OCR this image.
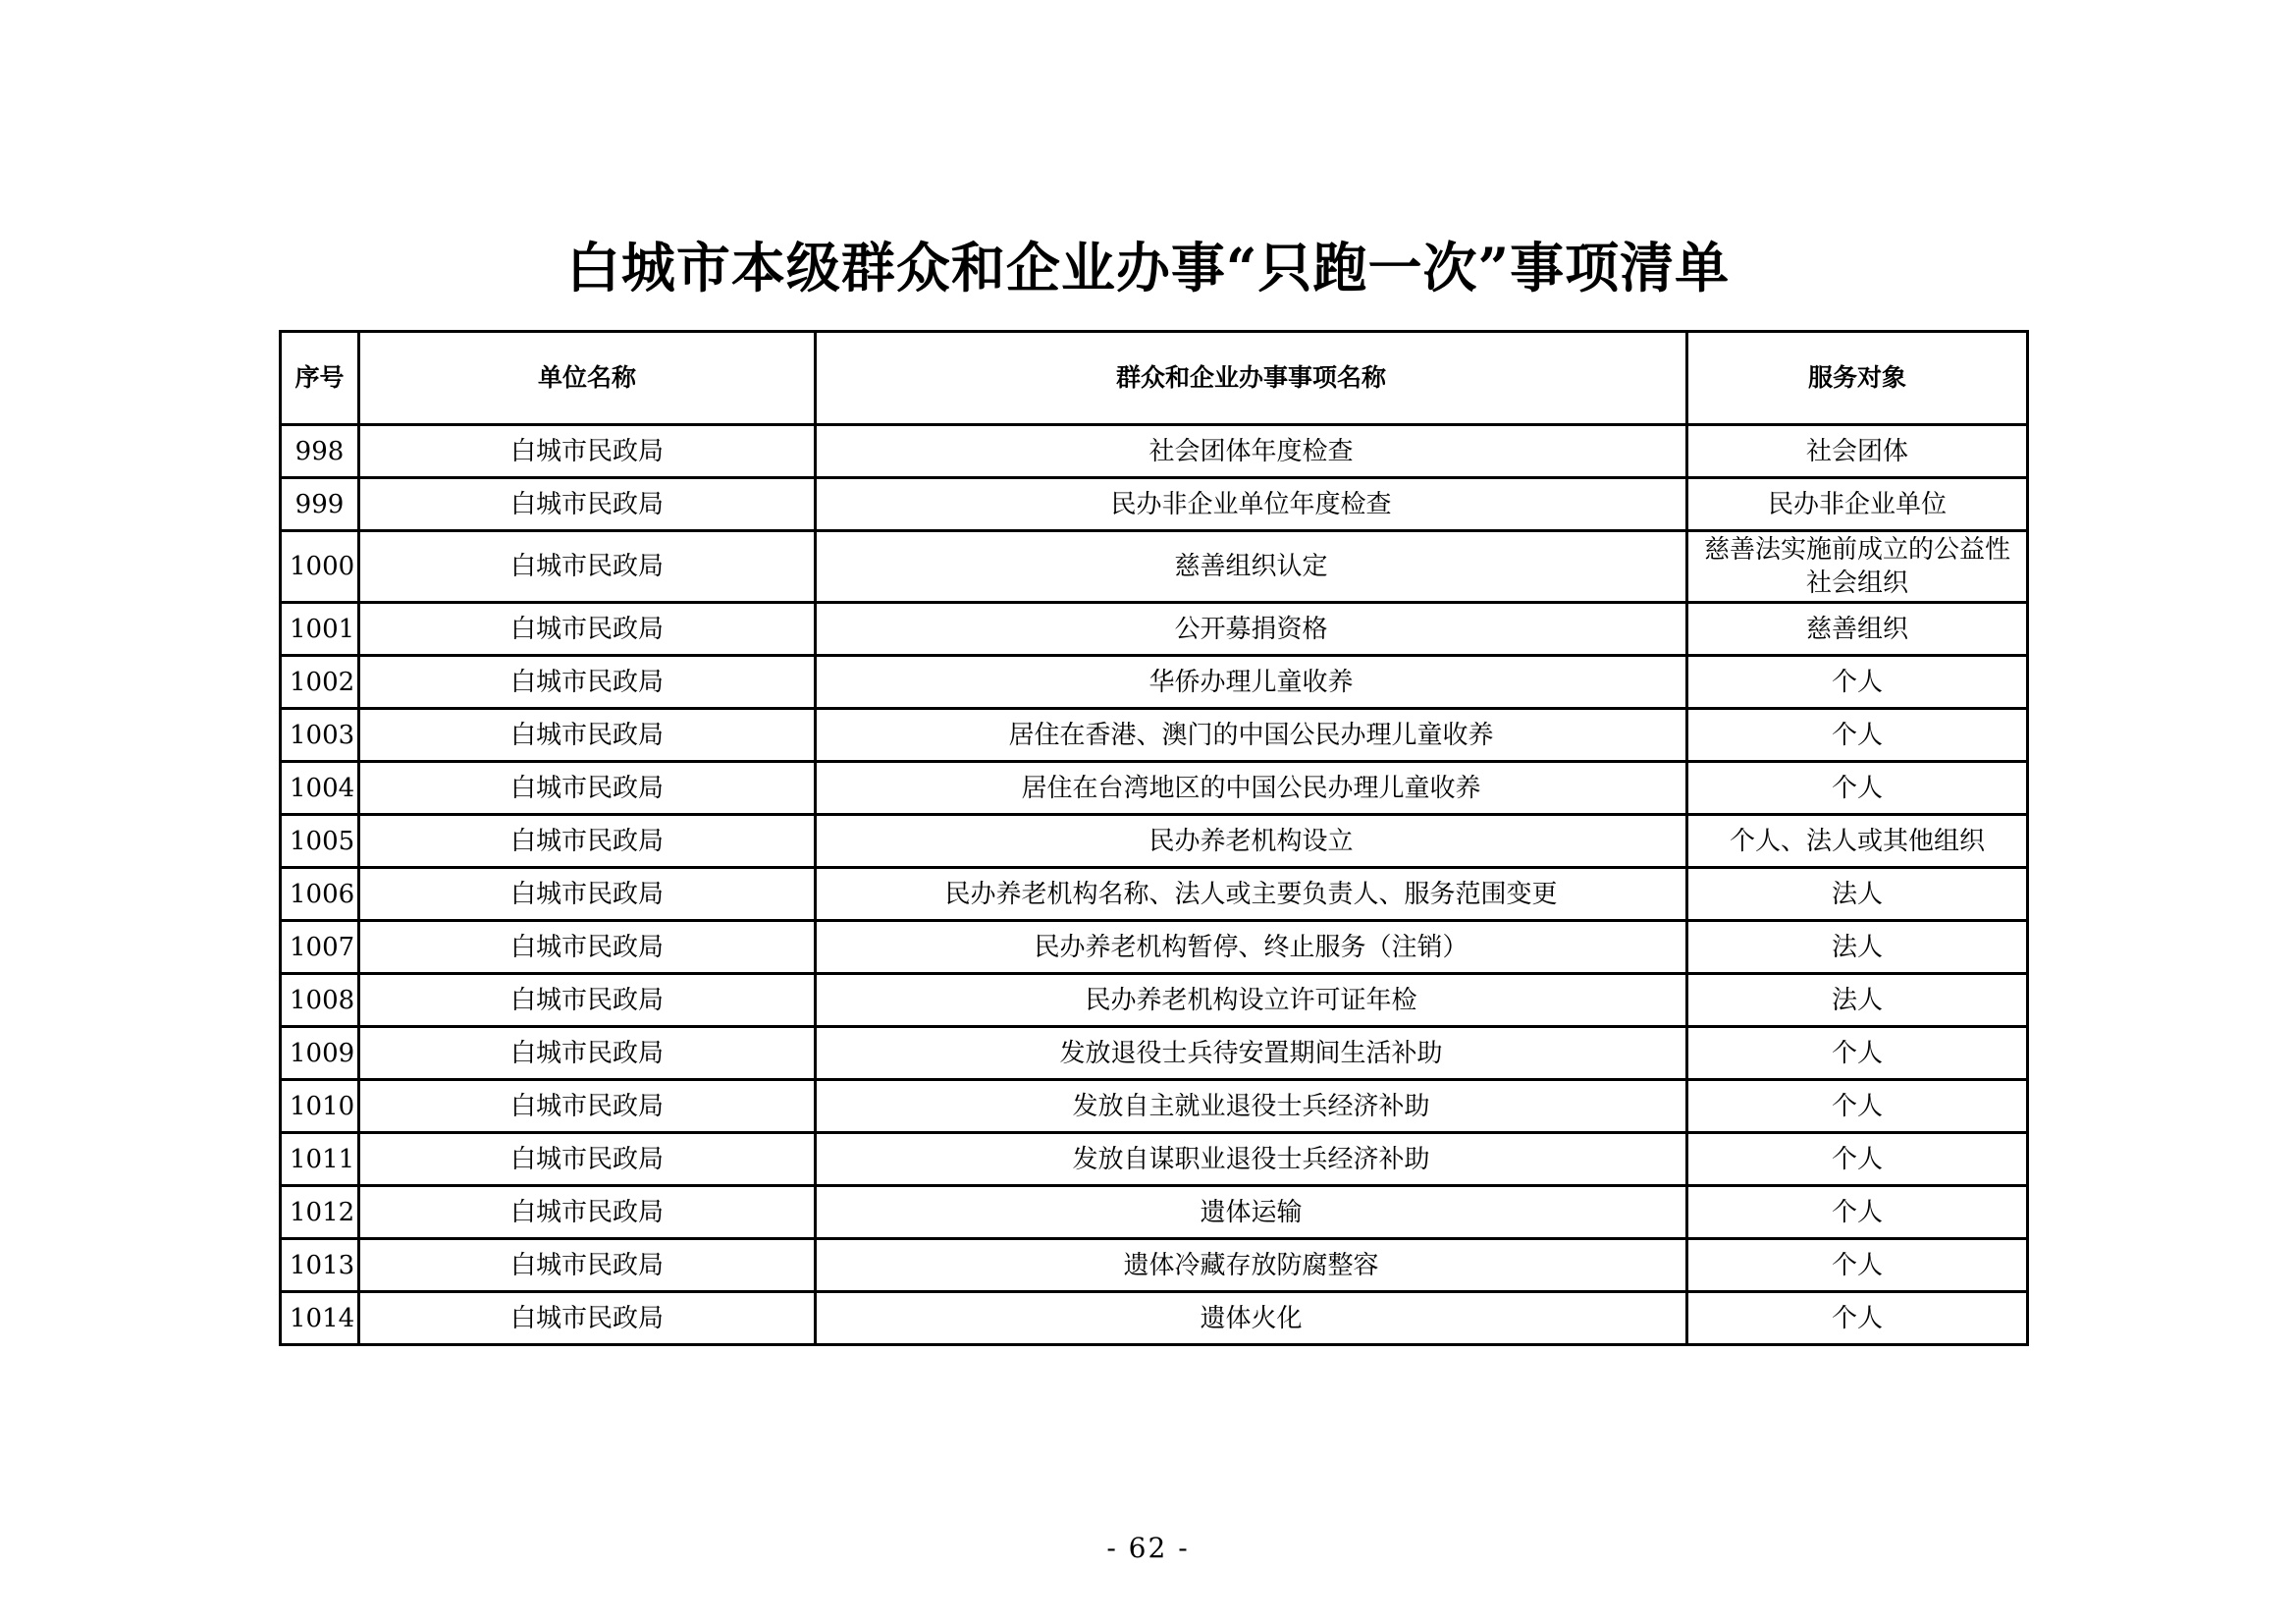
白城市本级群众和企业办事“只跑一次”事项清单
序号	单位名称	群众和企业办事事项名称	服务对象
998	白城市民政局	社会团体年度检查	社会团体
999	白城市民政局	民办非企业单位年度检查	民办非企业单位
1000	白城市民政局	慈善组织认定	慈善法实施前成立的公益性社会组织
1001	白城市民政局	公开募捐资格	慈善组织
1002	白城市民政局	华侨办理儿童收养	个人
1003	白城市民政局	居住在香港、澳门的中国公民办理儿童收养	个人
1004	白城市民政局	居住在台湾地区的中国公民办理儿童收养	个人
1005	白城市民政局	民办养老机构设立	个人、法人或其他组织
1006	白城市民政局	民办养老机构名称、法人或主要负责人、服务范围变更	法人
1007	白城市民政局	民办养老机构暂停、终止服务（注销）	法人
1008	白城市民政局	民办养老机构设立许可证年检	法人
1009	白城市民政局	发放退役士兵待安置期间生活补助	个人
1010	白城市民政局	发放自主就业退役士兵经济补助	个人
1011	白城市民政局	发放自谋职业退役士兵经济补助	个人
1012	白城市民政局	遗体运输	个人
1013	白城市民政局	遗体冷藏存放防腐整容	个人
1014	白城市民政局	遗体火化	个人
- 62 -
